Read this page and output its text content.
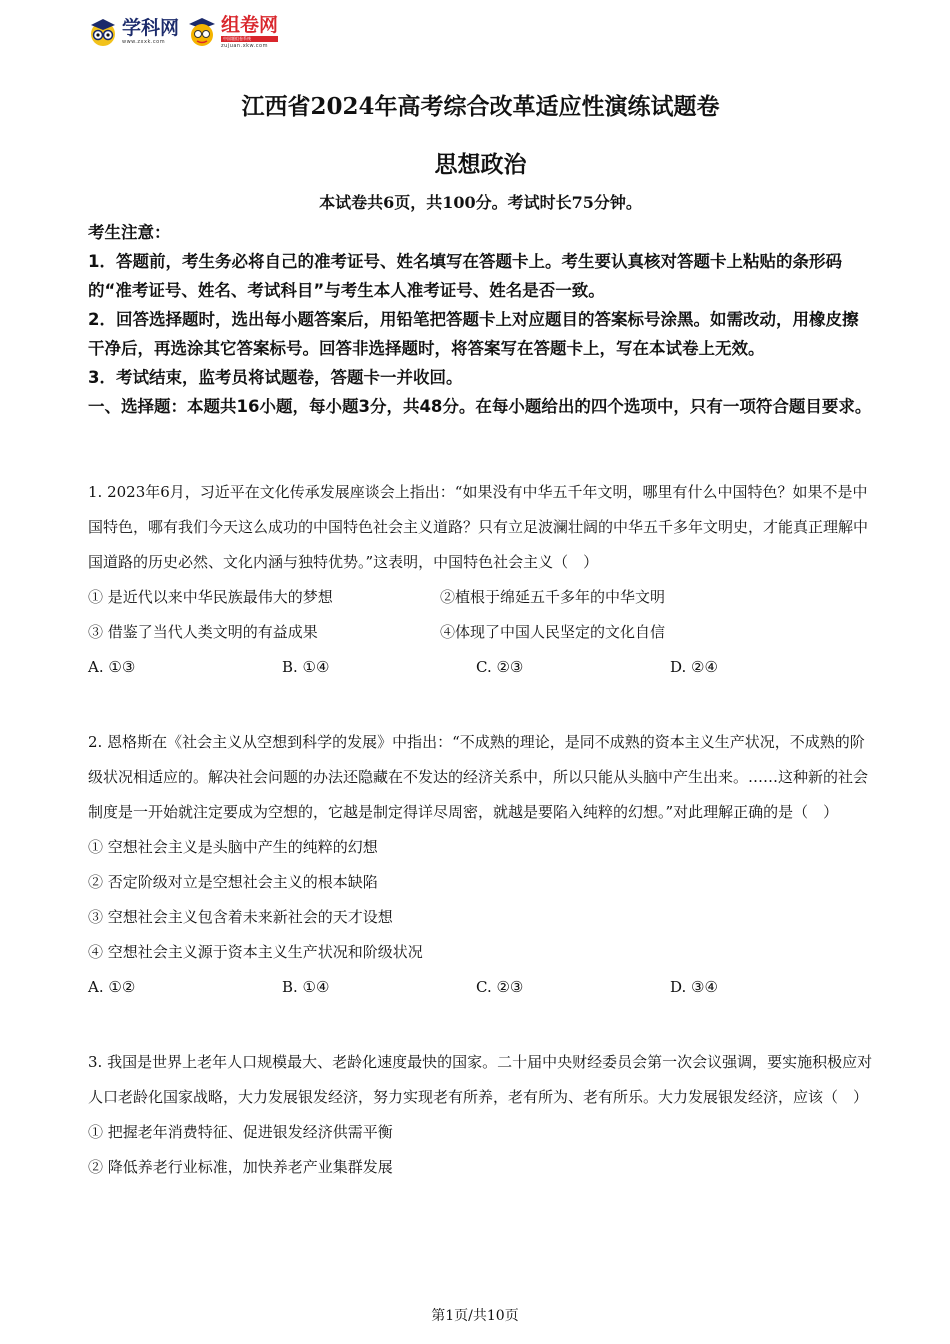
学科网
www.zxxk.com
组卷网
中国题组卷系统
zujuan.xkw.com
江西省2024年高考综合改革适应性演练试题卷
思想政治
本试卷共6页，共100分。考试时长75分钟。

考生注意：

1．答题前，考生务必将自己的准考证号、姓名填写在答题卡上。考生要认真核对答题卡上粘贴的条形码的“准考证号、姓名、考试科目”与考生本人准考证号、姓名是否一致。

2．回答选择题时，选出每小题答案后，用铅笔把答题卡上对应题目的答案标号涂黑。如需改动，用橡皮擦干净后，再选涂其它答案标号。回答非选择题时，将答案写在答题卡上，写在本试卷上无效。

3．考试结束，监考员将试题卷，答题卡一并收回。

一、选择题：本题共16小题，每小题3分，共48分。在每小题给出的四个选项中，只有一项符合题目要求。

1. 2023年6月，习近平在文化传承发展座谈会上指出：“如果没有中华五千年文明，哪里有什么中国特色？如果不是中国特色，哪有我们今天这么成功的中国特色社会主义道路？只有立足波澜壮阔的中华五千多年文明史，才能真正理解中国道路的历史必然、文化内涵与独特优势。”这表明，中国特色社会主义（　）

① 是近代以来中华民族最伟大的梦想	②植根于绵延五千多年的中华文明
③ 借鉴了当代人类文明的有益成果	④体现了中国人民坚定的文化自信
A. ①③	B. ①④	C. ②③	D. ②④

2. 恩格斯在《社会主义从空想到科学的发展》中指出：“不成熟的理论，是同不成熟的资本主义生产状况，不成熟的阶级状况相适应的。解决社会问题的办法还隐藏在不发达的经济关系中，所以只能从头脑中产生出来。……这种新的社会制度是一开始就注定要成为空想的，它越是制定得详尽周密，就越是要陷入纯粹的幻想。”对此理解正确的是（　）

① 空想社会主义是头脑中产生的纯粹的幻想

② 否定阶级对立是空想社会主义的根本缺陷

③ 空想社会主义包含着未来新社会的天才设想

④ 空想社会主义源于资本主义生产状况和阶级状况

A. ①②	B. ①④	C. ②③	D. ③④

3. 我国是世界上老年人口规模最大、老龄化速度最快的国家。二十届中央财经委员会第一次会议强调，要实施积极应对人口老龄化国家战略，大力发展银发经济，努力实现老有所养，老有所为、老有所乐。大力发展银发经济，应该（　）

① 把握老年消费特征、促进银发经济供需平衡

② 降低养老行业标准，加快养老产业集群发展

第1页/共10页
